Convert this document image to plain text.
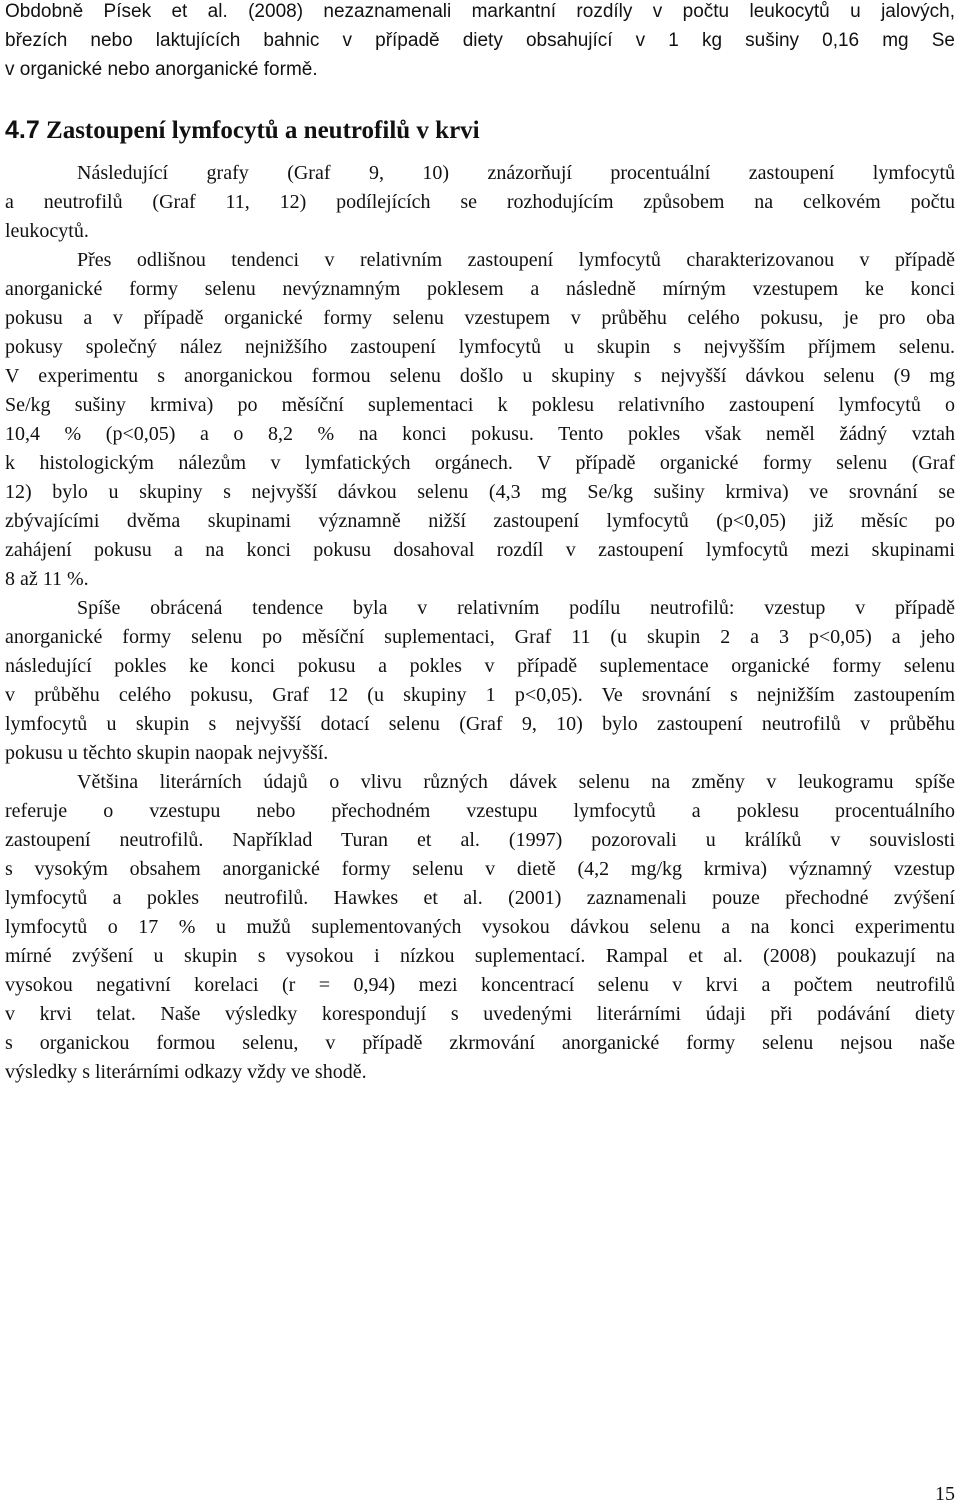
Obdobně Písek et al. (2008) nezaznamenali markantní rozdíly v počtu leukocytů u jalových,

březích nebo laktujících bahnic v případě diety obsahující v 1 kg sušiny 0,16 mg Se

v organické nebo anorganické formě.

4.7 Zastoupení lymfocytů a neutrofilů v krvi

Následující grafy (Graf 9, 10) znázorňují procentuální zastoupení lymfocytů

a neutrofilů (Graf 11, 12) podílejících se rozhodujícím způsobem na celkovém počtu

leukocytů.

Přes odlišnou tendenci v relativním zastoupení lymfocytů charakterizovanou v případě

anorganické formy selenu nevýznamným poklesem a následně mírným vzestupem ke konci

pokusu a v případě organické formy selenu vzestupem v průběhu celého pokusu, je pro oba

pokusy společný nález nejnižšího zastoupení lymfocytů u skupin s nejvyšším příjmem selenu.

V experimentu s anorganickou formou selenu došlo u skupiny s nejvyšší dávkou selenu (9 mg

Se/kg sušiny krmiva) po měsíční suplementaci k poklesu relativního zastoupení lymfocytů o

10,4 % (p<0,05) a o 8,2 % na konci pokusu. Tento pokles však neměl žádný vztah

k histologickým nálezům v lymfatických orgánech. V případě organické formy selenu (Graf

12) bylo u skupiny s nejvyšší dávkou selenu (4,3 mg Se/kg sušiny krmiva) ve srovnání se

zbývajícími dvěma skupinami významně nižší zastoupení lymfocytů (p<0,05) již měsíc po

zahájení pokusu a na konci pokusu dosahoval rozdíl v zastoupení lymfocytů mezi skupinami

8 až 11 %.

Spíše obrácená tendence byla v relativním podílu neutrofilů: vzestup v případě

anorganické formy selenu po měsíční suplementaci, Graf 11 (u skupin 2 a 3 p<0,05) a jeho

následující pokles ke konci pokusu a pokles v případě suplementace organické formy selenu

v průběhu celého pokusu, Graf 12 (u skupiny 1 p<0,05). Ve srovnání s nejnižším zastoupením

lymfocytů u skupin s nejvyšší dotací selenu (Graf 9, 10) bylo zastoupení neutrofilů v průběhu

pokusu u těchto skupin naopak nejvyšší.

Většina literárních údajů o vlivu různých dávek selenu na změny v leukogramu spíše

referuje o vzestupu nebo přechodném vzestupu lymfocytů a poklesu procentuálního

zastoupení neutrofilů. Například Turan et al. (1997) pozorovali u králíků v souvislosti

s vysokým obsahem anorganické formy selenu v dietě (4,2 mg/kg krmiva) významný vzestup

lymfocytů a pokles neutrofilů. Hawkes et al. (2001) zaznamenali pouze přechodné zvýšení

lymfocytů o 17 % u mužů suplementovaných vysokou dávkou selenu a na konci experimentu

mírné zvýšení u skupin s vysokou i nízkou suplementací. Rampal et al. (2008) poukazují na

vysokou negativní korelaci (r = 0,94) mezi koncentrací selenu v krvi a počtem neutrofilů

v krvi telat. Naše výsledky korespondují s uvedenými literárními údaji při podávání diety

s organickou formou selenu, v případě zkrmování anorganické formy selenu nejsou naše

výsledky s literárními odkazy vždy ve shodě.

15
